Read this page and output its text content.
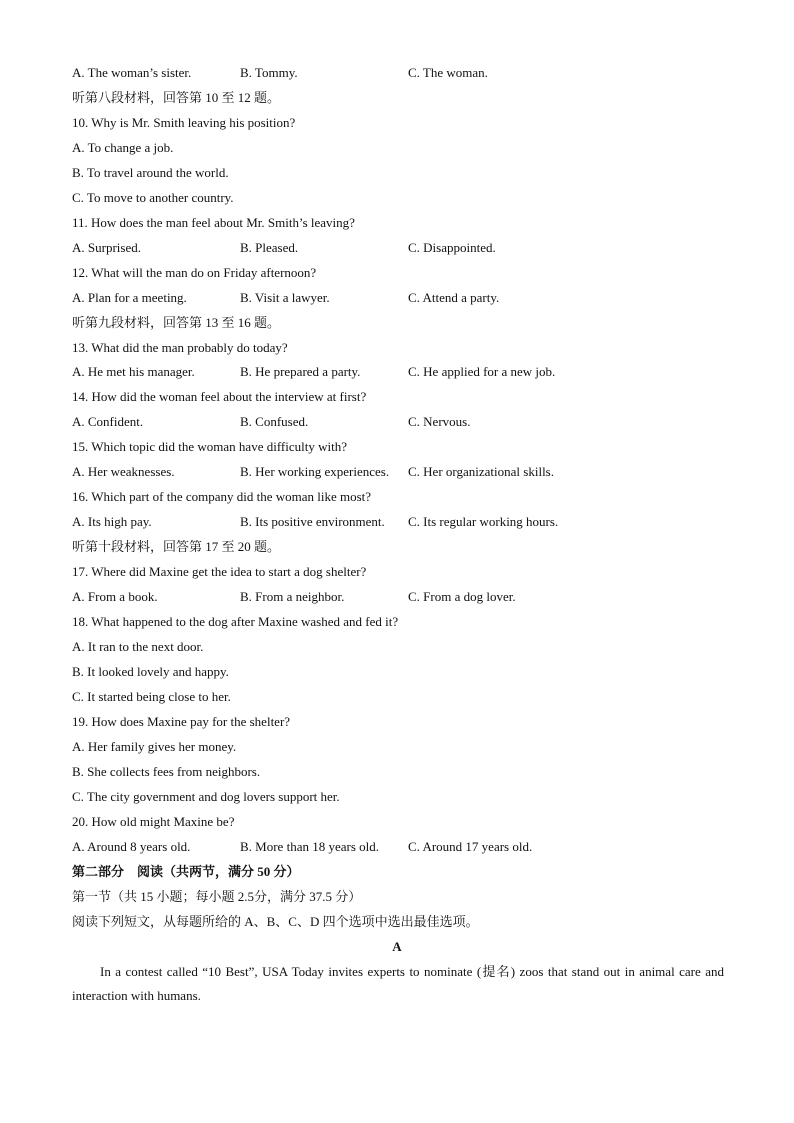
A. The woman’s sister.	B. Tommy.	C. The woman.
听第八段材料，回答第 10 至 12 题。
10. Why is Mr. Smith leaving his position?
A. To change a job.
B. To travel around the world.
C. To move to another country.
11. How does the man feel about Mr. Smith’s leaving?
A. Surprised.	B. Pleased.	C. Disappointed.
12. What will the man do on Friday afternoon?
A. Plan for a meeting.	B. Visit a lawyer.	C. Attend a party.
听第九段材料，回答第 13 至 16 题。
13. What did the man probably do today?
A. He met his manager.	B. He prepared a party.	C. He applied for a new job.
14. How did the woman feel about the interview at first?
A. Confident.	B. Confused.	C. Nervous.
15. Which topic did the woman have difficulty with?
A. Her weaknesses.	B. Her working experiences. C. Her organizational skills.
16. Which part of the company did the woman like most?
A. Its high pay.	B. Its positive environment. C. Its regular working hours.
听第十段材料，回答第 17 至 20 题。
17. Where did Maxine get the idea to start a dog shelter?
A. From a book.	B. From a neighbor.	C. From a dog lover.
18. What happened to the dog after Maxine washed and fed it?
A. It ran to the next door.
B. It looked lovely and happy.
C. It started being close to her.
19. How does Maxine pay for the shelter?
A. Her family gives her money.
B. She collects fees from neighbors.
C. The city government and dog lovers support her.
20. How old might Maxine be?
A. Around 8 years old.	B. More than 18 years old. C. Around 17 years old.
第二部分　阅读（共两节，满分 50 分）
第一节（共 15 小题；每小题 2.5分，满分 37.5 分）
阅读下列短文，从每题所给的 A、B、C、D 四个选项中选出最佳选项。
A
In a contest called “10 Best”, USA Today invites experts to nominate (提名) zoos that stand out in animal care and interaction with humans.
